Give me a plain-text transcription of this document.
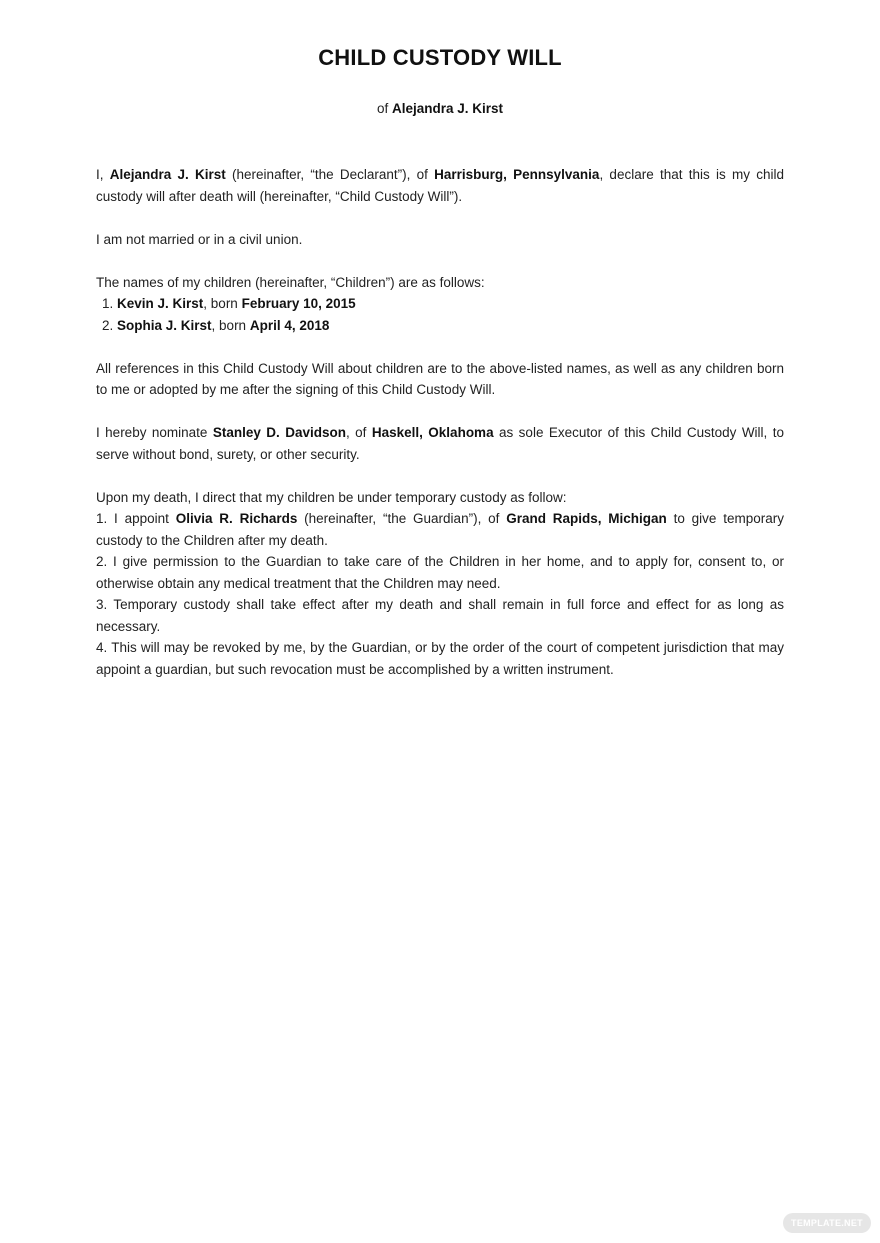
CHILD CUSTODY WILL
of Alejandra J. Kirst
I, Alejandra J. Kirst (hereinafter, “the Declarant”), of Harrisburg, Pennsylvania, declare that this is my child custody will after death will (hereinafter, “Child Custody Will”).
I am not married or in a civil union.
The names of my children (hereinafter, “Children”) are as follows:
1. Kevin J. Kirst, born February 10, 2015
2. Sophia J. Kirst, born April 4, 2018
All references in this Child Custody Will about children are to the above-listed names, as well as any children born to me or adopted by me after the signing of this Child Custody Will.
I hereby nominate Stanley D. Davidson, of Haskell, Oklahoma as sole Executor of this Child Custody Will, to serve without bond, surety, or other security.
Upon my death, I direct that my children be under temporary custody as follow:
1. I appoint Olivia R. Richards (hereinafter, “the Guardian”), of Grand Rapids, Michigan to give temporary custody to the Children after my death.
2. I give permission to the Guardian to take care of the Children in her home, and to apply for, consent to, or otherwise obtain any medical treatment that the Children may need.
3. Temporary custody shall take effect after my death and shall remain in full force and effect for as long as necessary.
4. This will may be revoked by me, by the Guardian, or by the order of the court of competent jurisdiction that may appoint a guardian, but such revocation must be accomplished by a written instrument.
TEMPLATE.NET
